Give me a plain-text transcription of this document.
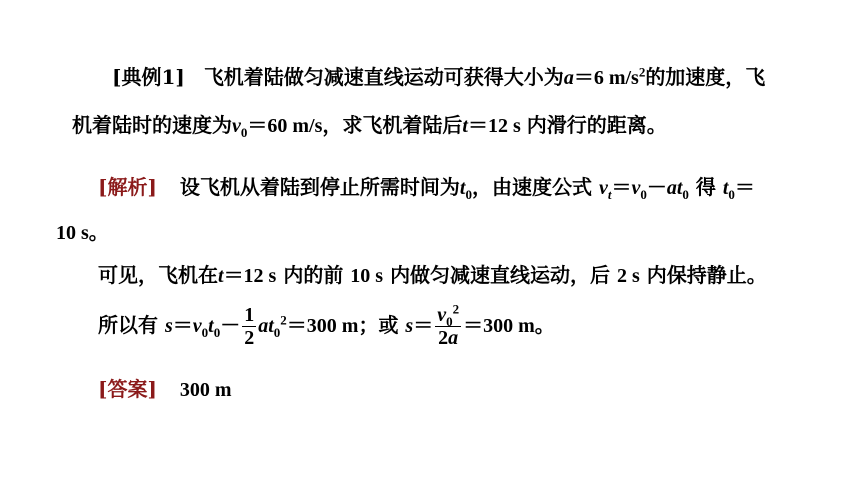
[典例1] 飞机着陆做匀减速直线运动可获得大小为a＝6 $m/s^2$的加速度，飞
机着陆时的速度为$v_0=60$ m/s，求飞机着陆后t＝12 s 内滑行的距离。
[解析] 设飞机从着陆到停止所需时间为$t_0$，由速度公式 $v_t=v_0-at_0$ 得 $t_0=$
10 s。
可见，飞机在t＝12 s 内的前 10 s 内做匀减速直线运动，后 2 s 内保持静止。
所以有 $s=v_0t_0- \frac{1}{2} at_0^2=300$ m；或 $s= \frac{v_0^2}{2a} =300$ m。
[答案] 300 m
